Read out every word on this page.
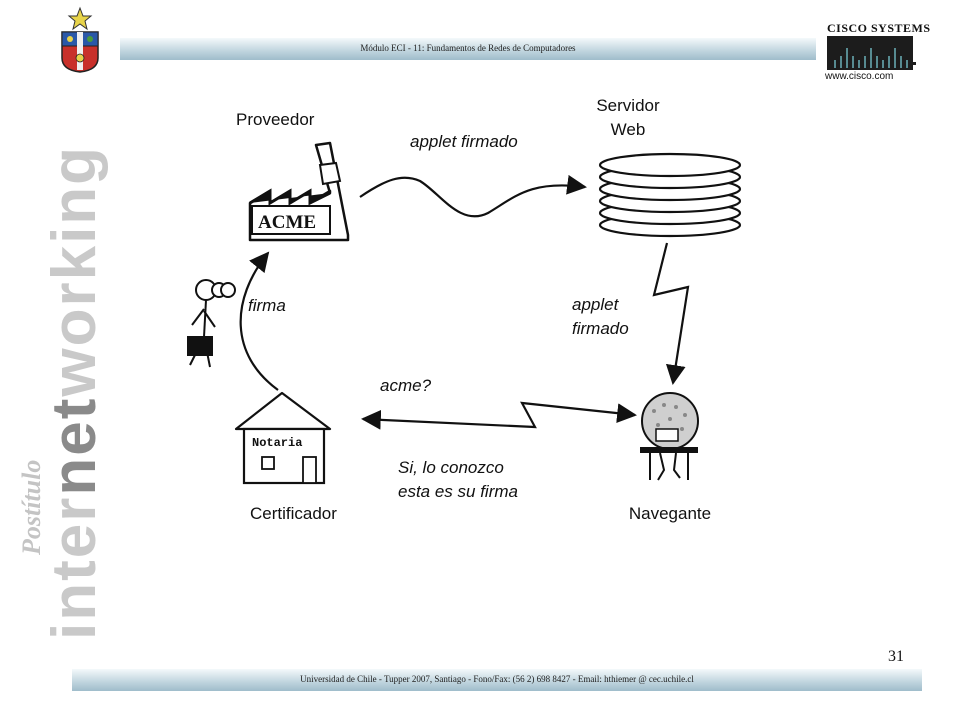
Módulo ECI - 11: Fundamentos de Redes de Computadores
internetworking
Postítulo
CISCO SYSTEMS
www.cisco.com
Proveedor
ACME
Servidor
Web
applet firmado
applet
firmado
Navegante
acme?
Si, lo conozco
esta es su firma
Notaria
Certificador
firma
31
Universidad de Chile - Tupper 2007, Santiago - Fono/Fax: (56 2) 698 8427 - Email: hthiemer @ cec.uchile.cl
